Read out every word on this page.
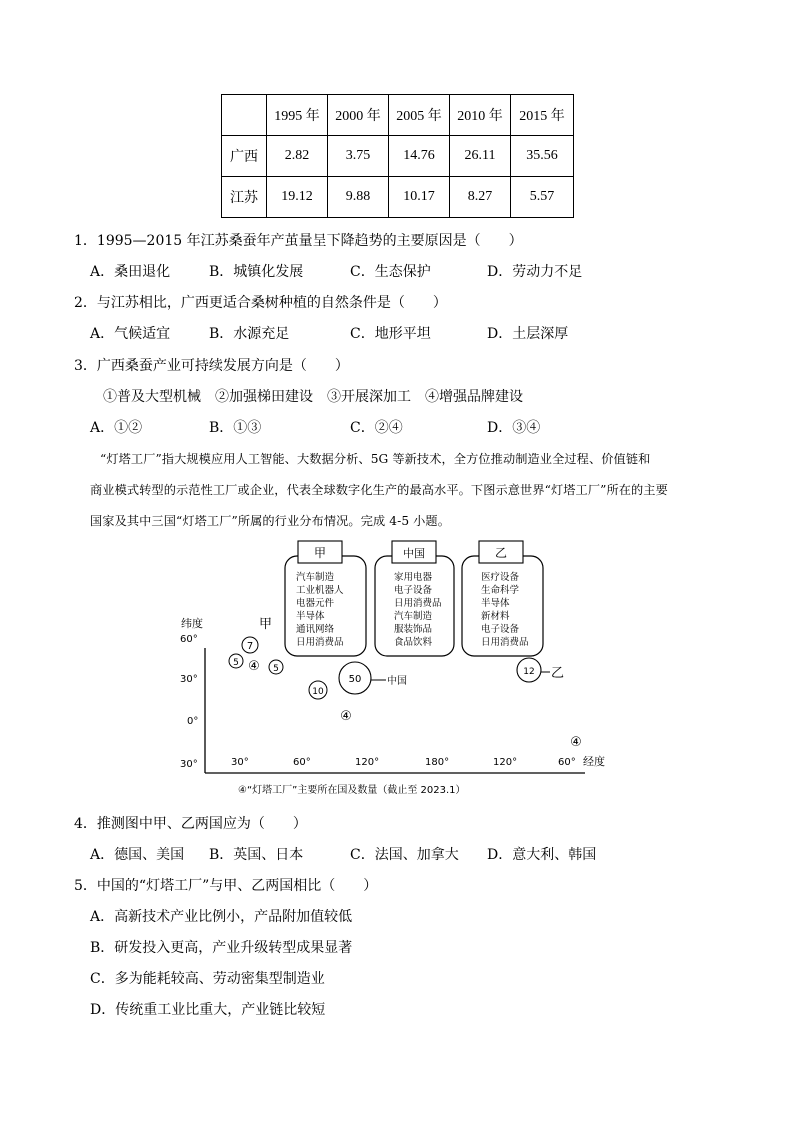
	1995 年	2000 年	2005 年	2010 年	2015 年
广西	2.82	3.75	14.76	26.11	35.56
江苏	19.12	9.88	10.17	8.27	5.57
1．1995—2015 年江苏桑蚕年产茧量呈下降趋势的主要原因是（　　）
A．桑田退化	B．城镇化发展	C．生态保护	D．劳动力不足
2．与江苏相比，广西更适合桑树种植的自然条件是（　　）
A．气候适宜	B．水源充足	C．地形平坦	D．土层深厚
3．广西桑蚕产业可持续发展方向是（　　）
①普及大型机械　②加强梯田建设　③开展深加工　④增强品牌建设
A．①②	B．①③	C．②④	D．③④
“灯塔工厂”指大规模应用人工智能、大数据分析、5G 等新技术，全方位推动制造业全过程、价值链和
商业模式转型的示范性工厂或企业，代表全球数字化生产的最高水平。下图示意世界“灯塔工厂”所在的主要
国家及其中三国“灯塔工厂”所属的行业分布情况。完成 4-5 小题。
甲
汽车制造
工业机器人
电器元件
半导体
通讯网络
日用消费品
中国
家用电器
电子设备
日用消费品
汽车制造
服装饰品
食品饮料
乙
医疗设备
生命科学
半导体
新材料
电子设备
日用消费品
纬度
经度
60°
30°
0°
30°	30°	60°	120°	180°	120°	60°
7
甲
5 ④ 5
10
50	中国
④
12 乙
④
④“灯塔工厂”主要所在国及数量（截止至 2023.1）
4．推测图中甲、乙两国应为（　　）
A．德国、美国 B．英国、日本	C．法国、加拿大 D．意大利、韩国
5．中国的“灯塔工厂”与甲、乙两国相比（　　）
A．高新技术产业比例小，产品附加值较低
B．研发投入更高，产业升级转型成果显著
C．多为能耗较高、劳动密集型制造业
D．传统重工业比重大，产业链比较短
